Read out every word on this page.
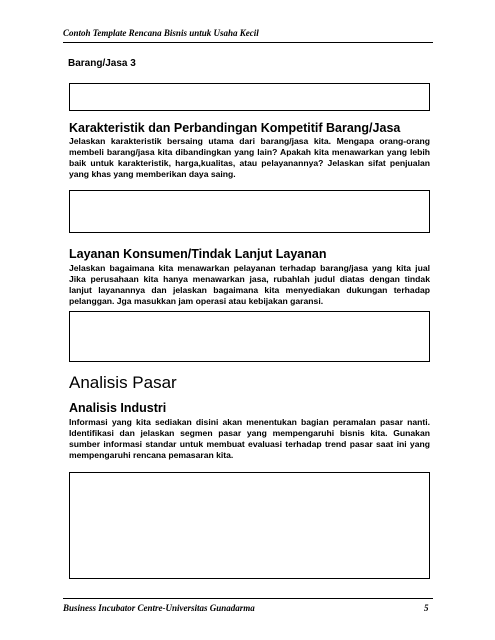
Contoh Template Rencana Bisnis untuk Usaha Kecil
Barang/Jasa 3
Karakteristik dan Perbandingan Kompetitif Barang/Jasa

Jelaskan karakteristik bersaing utama dari barang/jasa kita. Mengapa orang-orang membeli barang/jasa kita dibandingkan yang lain? Apakah kita menawarkan yang lebih baik untuk karakteristik, harga,kualitas, atau pelayanannya? Jelaskan sifat penjualan yang khas yang memberikan daya saing.

Layanan Konsumen/Tindak Lanjut Layanan

Jelaskan bagaimana kita menawarkan pelayanan terhadap barang/jasa yang kita jual Jika perusahaan kita hanya menawarkan jasa, rubahlah judul diatas dengan tindak lanjut layanannya dan jelaskan bagaimana kita menyediakan dukungan terhadap pelanggan. Jga masukkan jam operasi atau kebijakan garansi.

Analisis Pasar
Analisis Industri

Informasi yang kita sediakan disini akan menentukan bagian peramalan pasar nanti. Identifikasi dan jelaskan segmen pasar yang mempengaruhi bisnis kita. Gunakan sumber informasi standar untuk membuat evaluasi terhadap trend pasar saat ini yang mempengaruhi rencana pemasaran kita.

Business Incubator Centre-Universitas Gunadarma	5
